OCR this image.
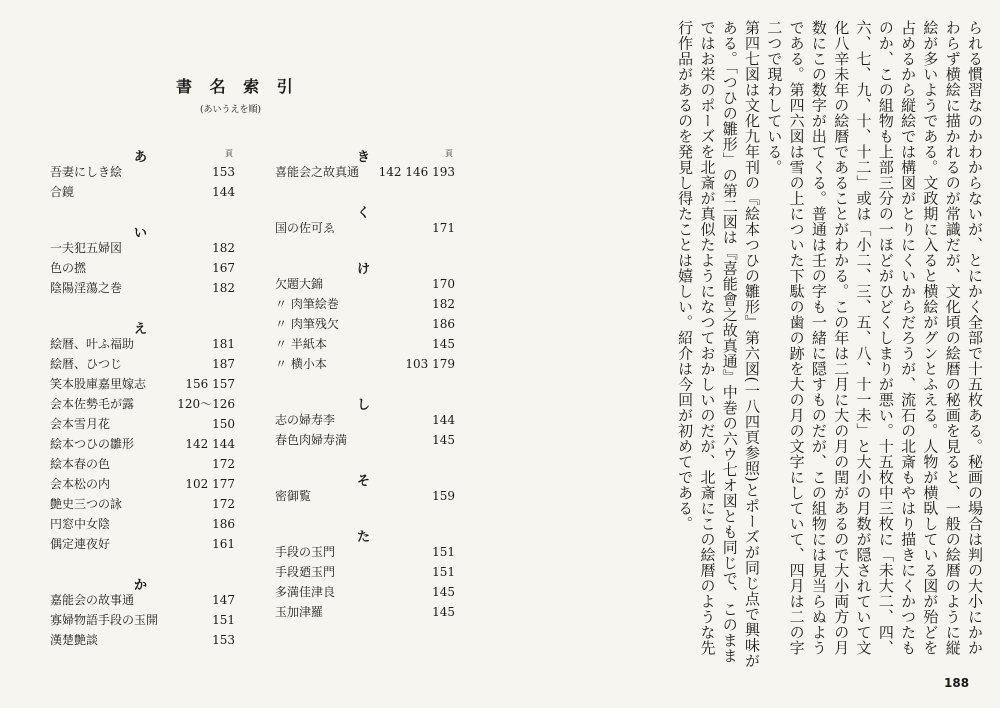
書 名 索 引
(あいうえを順)
あ	頁
吾妻にしき絵	153
合鏡	144
い
一夫犯五婦図	182
色の撚	167
陰陽淫蕩之巻	182
え
絵暦、叶ふ福助	181
絵暦、ひつじ	187
笑本股庫嘉里嫁志	156 157
会本佐勢毛が露	120〜126
会本雪月花	150
絵本つひの雛形	142 144
絵本春の色	172
会本松の内	102 177
艶史三つの詠	172
円窓中女陰	186
偶定連夜好	161
か
嘉能会の故事通	147
寡婦物語手段の玉開	151
漢楚艶談	153
き	頁
喜能会之故真通 142 146 193
く
国の佐可ゑ	171
け
欠題大錦	170
〃 肉筆絵巻	182
〃 肉筆残欠	186
〃 半紙本	145
〃 横小本	103 179
し
志の婦寿李	144
春色肉婦寿満	145
そ
密御覧	159
た
手段の玉門	151
手段廼玉門	151
多満佳津良	145
玉加津羅	145	られる慣習なのかわからないが、とにかく全部で十五枚ある。秘画の場合は判の大小にかかわらず横絵に描かれるのが常識だが、文化頃の絵暦の秘画を見ると、一般の絵暦のように縦絵が多いようである。文政期に入ると横絵がグンとふえる。人物が横臥している図が殆どを占めるから縦絵では構図がとりにくいからだろうが、流石の北斎もやはり描きにくかつたものか、この組物も上部三分の一ほどがひどくしまりが悪い。十五枚中三枚に「未大二、四、六、七、九、十、十二」或は「小二、三、五、八、十一未」と大小の月数が隠されていて文化八辛未年の絵暦であることがわかる。この年は二月に大の月の閏があるので大小両方の月数にこの数字が出てくる。普通は壬の字も一緒に隠すものだが、この組物には見当らぬようである。第四六図は雪の上についた下駄の歯の跡を大の月の文字にしていて、四月は二の字二つで現わしている。

第四七図は文化九年刊の『絵本つひの雛形』第六図(一八四頁参照)とポーズが同じ点で興味がある。「つひの雛形」の第二図は『喜能會之故真通』中巻の六ウ七オ図とも同じで、このままではお栄のポーズを北斎が真似たようになつておかしいのだが、北斎にこの絵暦のような先行作品があるのを発見し得たことは嬉しい。紹介は今回が初めてである。

188
